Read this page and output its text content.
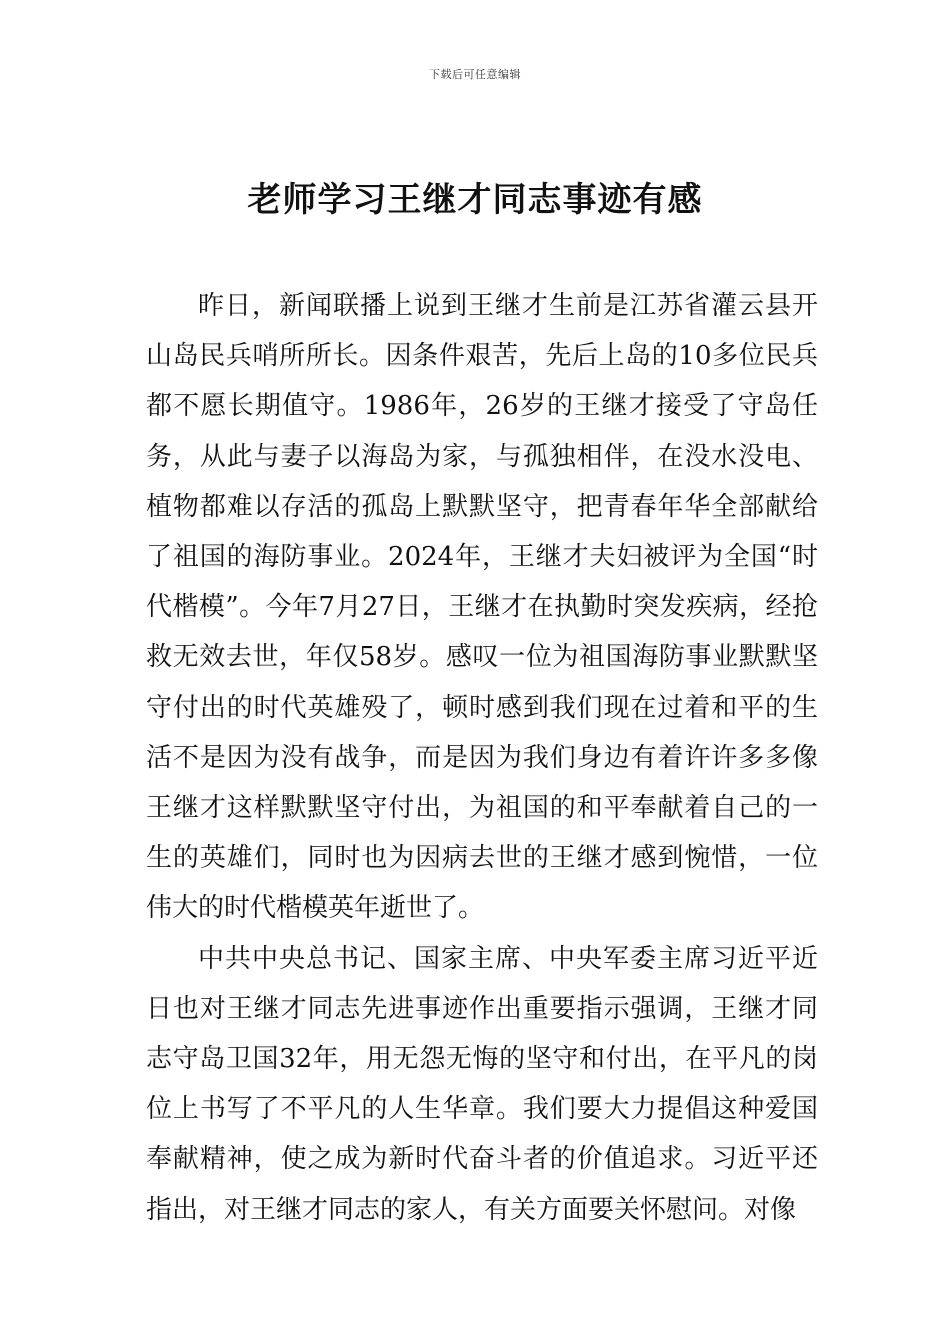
下载后可任意编辑
老师学习王继才同志事迹有感

昨日，新闻联播上说到王继才生前是江苏省灌云县开山岛民兵哨所所长。因条件艰苦，先后上岛的10多位民兵都不愿长期值守。1986年，26岁的王继才接受了守岛任务，从此与妻子以海岛为家，与孤独相伴，在没水没电、植物都难以存活的孤岛上默默坚守，把青春年华全部献给了祖国的海防事业。2024年，王继才夫妇被评为全国“时代楷模”。今年7月27日，王继才在执勤时突发疾病，经抢救无效去世，年仅58岁。感叹一位为祖国海防事业默默坚守付出的时代英雄殁了，顿时感到我们现在过着和平的生活不是因为没有战争，而是因为我们身边有着许许多多像王继才这样默默坚守付出，为祖国的和平奉献着自己的一生的英雄们，同时也为因病去世的王继才感到惋惜，一位伟大的时代楷模英年逝世了。

中共中央总书记、国家主席、中央军委主席习近平近日也对王继才同志先进事迹作出重要指示强调，王继才同志守岛卫国32年，用无怨无悔的坚守和付出，在平凡的岗位上书写了不平凡的人生华章。我们要大力提倡这种爱国奉献精神，使之成为新时代奋斗者的价值追求。习近平还指出，对王继才同志的家人，有关方面要关怀慰问。对像
